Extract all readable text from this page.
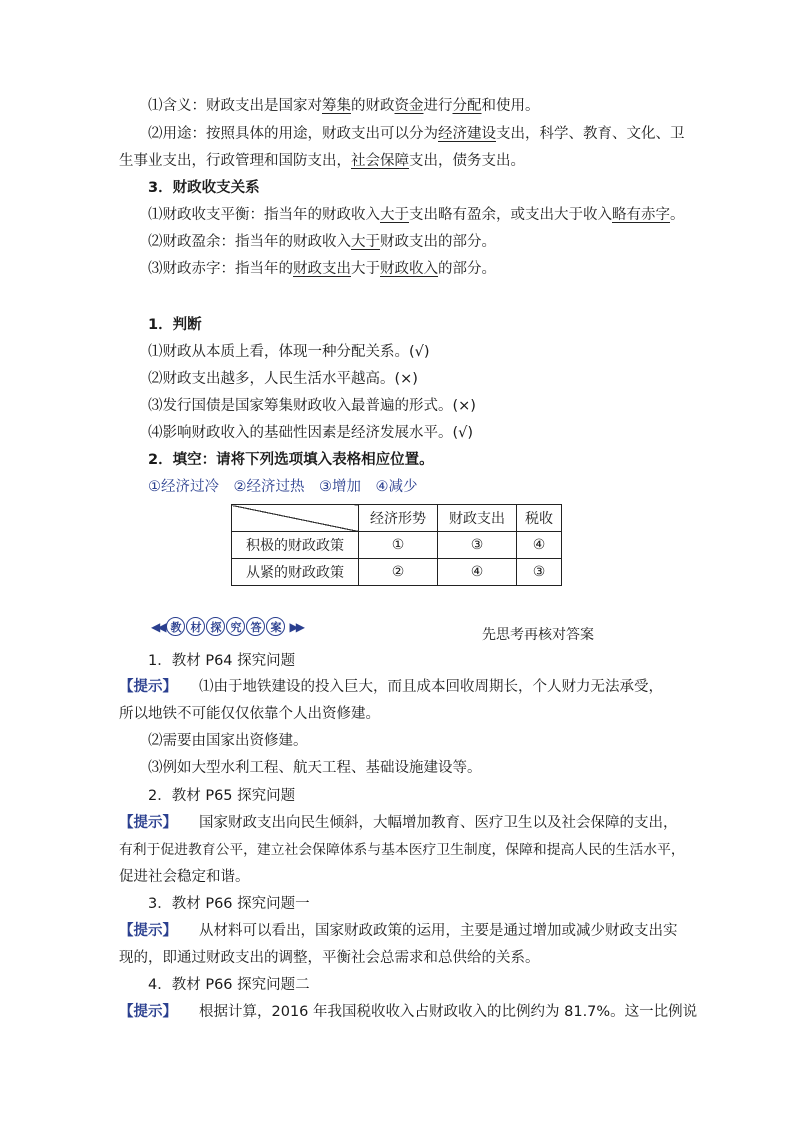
⑴含义：财政支出是国家对筹集的财政资金进行分配和使用。
⑵用途：按照具体的用途，财政支出可以分为经济建设支出，科学、教育、文化、卫
生事业支出，行政管理和国防支出，社会保障支出，债务支出。
3．财政收支关系
⑴财政收支平衡：指当年的财政收入大于支出略有盈余，或支出大于收入略有赤字。
⑵财政盈余：指当年的财政收入大于财政支出的部分。
⑶财政赤字：指当年的财政支出大于财政收入的部分。
1．判断
⑴财政从本质上看，体现一种分配关系。(√)
⑵财政支出越多，人民生活水平越高。(×)
⑶发行国债是国家筹集财政收入最普遍的形式。(×)
⑷影响财政收入的基础性因素是经济发展水平。(√)
2．填空：请将下列选项填入表格相应位置。
①经济过冷　②经济过热　③增加　④减少
	经济形势	财政支出	税收
积极的财政政策	①	③	④
从紧的财政政策	②	④	③
◀◀ 教 材 探 究 答 案 ▶▶
先思考再核对答案
1．教材 P64 探究问题
【提示】 ⑴由于地铁建设的投入巨大，而且成本回收周期长，个人财力无法承受，
所以地铁不可能仅仅依靠个人出资修建。
⑵需要由国家出资修建。
⑶例如大型水利工程、航天工程、基础设施建设等。
2．教材 P65 探究问题
【提示】 国家财政支出向民生倾斜，大幅增加教育、医疗卫生以及社会保障的支出，
有利于促进教育公平，建立社会保障体系与基本医疗卫生制度，保障和提高人民的生活水平，
促进社会稳定和谐。
3．教材 P66 探究问题一
【提示】 从材料可以看出，国家财政政策的运用，主要是通过增加或减少财政支出实
现的，即通过财政支出的调整，平衡社会总需求和总供给的关系。
4．教材 P66 探究问题二
【提示】 根据计算，2016 年我国税收收入占财政收入的比例约为 81.7%。这一比例说
